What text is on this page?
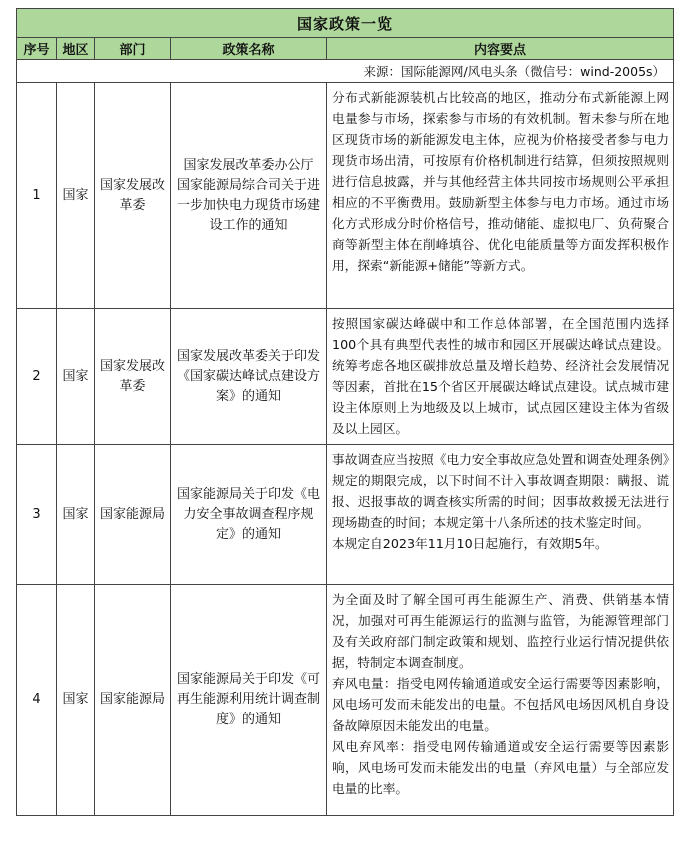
国家政策一览				
序号	地区	部门	政策名称	内容要点
来源：国际能源网/风电头条（微信号：wind-2005s）				
1	国家	国家发展改革委	国家发展改革委办公厅 国家能源局综合司关于进一步加快电力现货市场建设工作的通知	分布式新能源装机占比较高的地区，推动分布式新能源上网电量参与市场，探索参与市场的有效机制。暂未参与所在地区现货市场的新能源发电主体，应视为价格接受者参与电力现货市场出清，可按原有价格机制进行结算，但须按照规则进行信息披露，并与其他经营主体共同按市场规则公平承担相应的不平衡费用。鼓励新型主体参与电力市场。通过市场化方式形成分时价格信号，推动储能、虚拟电厂、负荷聚合商等新型主体在削峰填谷、优化电能质量等方面发挥积极作用，探索“新能源+储能”等新方式。

2	国家	国家发展改革委	国家发展改革委关于印发《国家碳达峰试点建设方案》的通知	按照国家碳达峰碳中和工作总体部署，在全国范围内选择100个具有典型代表性的城市和园区开展碳达峰试点建设。统筹考虑各地区碳排放总量及增长趋势、经济社会发展情况等因素，首批在15个省区开展碳达峰试点建设。试点城市建设主体原则上为地级及以上城市，试点园区建设主体为省级及以上园区。

3	国家	国家能源局	国家能源局关于印发《电力安全事故调查程序规定》的通知	事故调查应当按照《电力安全事故应急处置和调查处理条例》规定的期限完成，以下时间不计入事故调查期限：瞒报、谎报、迟报事故的调查核实所需的时间；因事故救援无法进行现场勘查的时间；本规定第十八条所述的技术鉴定时间。

本规定自2023年11月10日起施行，有效期5年。

4	国家	国家能源局	国家能源局关于印发《可再生能源利用统计调查制度》的通知	为全面及时了解全国可再生能源生产、消费、供销基本情况，加强对可再生能源运行的监测与监管，为能源管理部门及有关政府部门制定政策和规划、监控行业运行情况提供依据，特制定本调查制度。

弃风电量：指受电网传输通道或安全运行需要等因素影响，风电场可发而未能发出的电量。不包括风电场因风机自身设备故障原因未能发出的电量。

风电弃风率：指受电网传输通道或安全运行需要等因素影响，风电场可发而未能发出的电量（弃风电量）与全部应发电量的比率。
